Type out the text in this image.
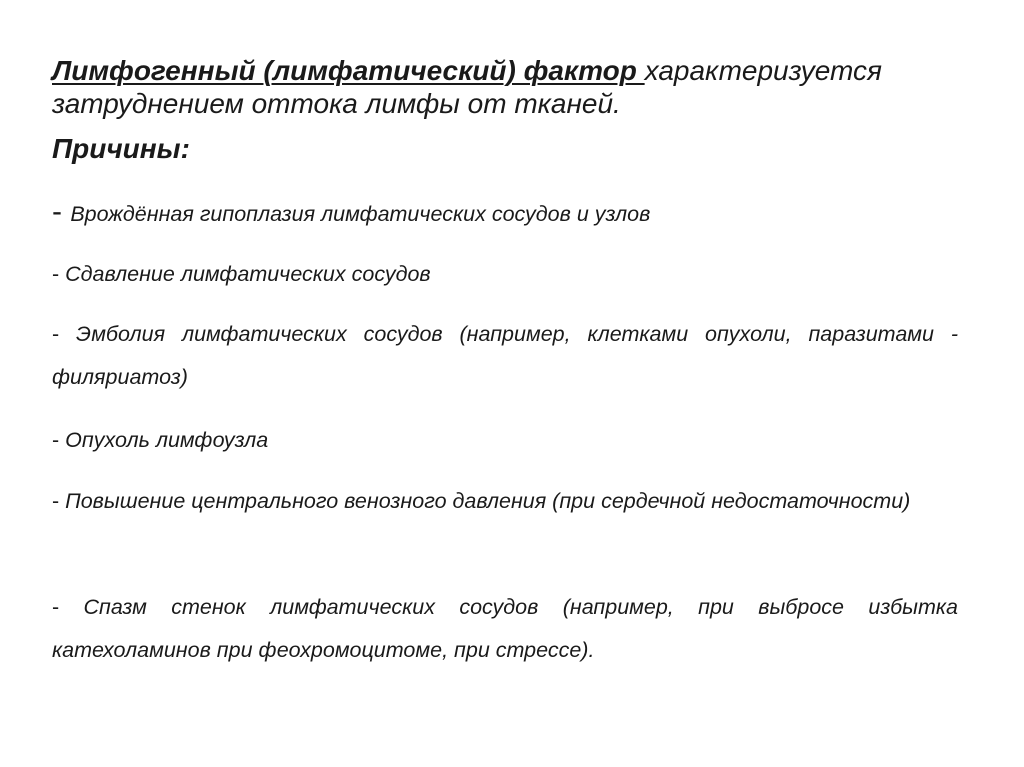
Лимфогенный (лимфатический) фактор характеризуется затруднением оттока лимфы от тканей.
Причины:
- Врождённая гипоплазия лимфатических сосудов и узлов
- Сдавление лимфатических сосудов
- Эмболия лимфатических сосудов (например, клетками опухоли, паразитами - филяриатоз)
- Опухоль лимфоузла
- Повышение центрального венозного давления (при сердечной недостаточности)
- Спазм стенок лимфатических сосудов (например, при выбросе избытка катехоламинов при феохромоцитоме, при стрессе).
